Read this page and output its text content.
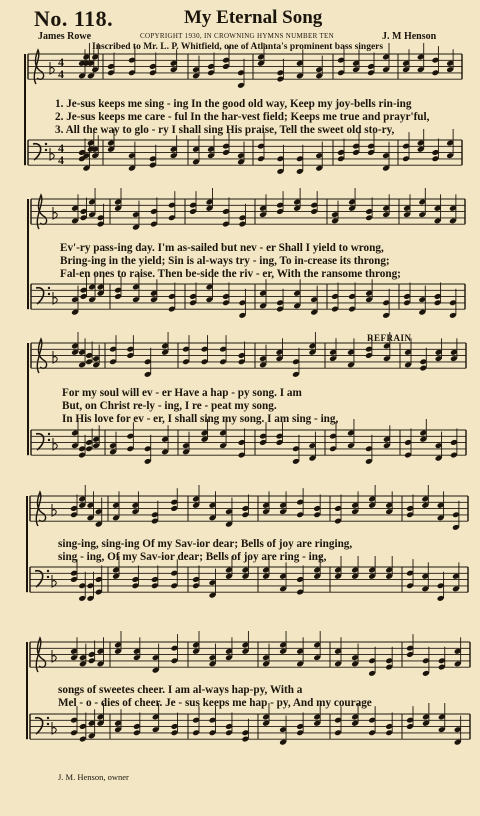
No. 118.	My Eternal Song
James Rowe	COPYRIGHT 1930, IN CROWNING HYMNS NUMBER TEN	J. M Henson
Inscribed to Mr. L. P. Whitfield, one of Atlanta's prominent bass singers
4
4
4
4
1. Je-sus keeps me sing - ing In the good old way, Keep my joy-bells rin-ing
2. Je-sus keeps me care - ful In the har-vest field; Keeps me true and prayr'ful,
3. All the way to glo - ry I shall sing His praise, Tell the sweet old sto-ry,
Ev'-ry pass-ing day. I'm as-sailed but nev - er Shall I yield to wrong,
Bring-ing in the yield; Sin is al-ways try - ing, To in-crease its throng;
Fal-en ones to raise. Then be-side the riv - er, With the ransome throng;
REFRAIN
For my soul will ev - er Have a hap - py song. I am
But, on Christ re-ly - ing, I re - peat my song.
In His love for ev - er, I shall sing my song. I am sing - ing,
sing-ing, sing-ing Of my Sav-ior dear; Bells of joy are ringing,
sing - ing, Of my Sav-ior dear; Bells of joy are ring - ing,
songs of sweetes cheer. I am al-ways hap-py, With a
Mel - o - dies of cheer. Je - sus keeps me hap - py, And my courage
J. M. Henson, owner
